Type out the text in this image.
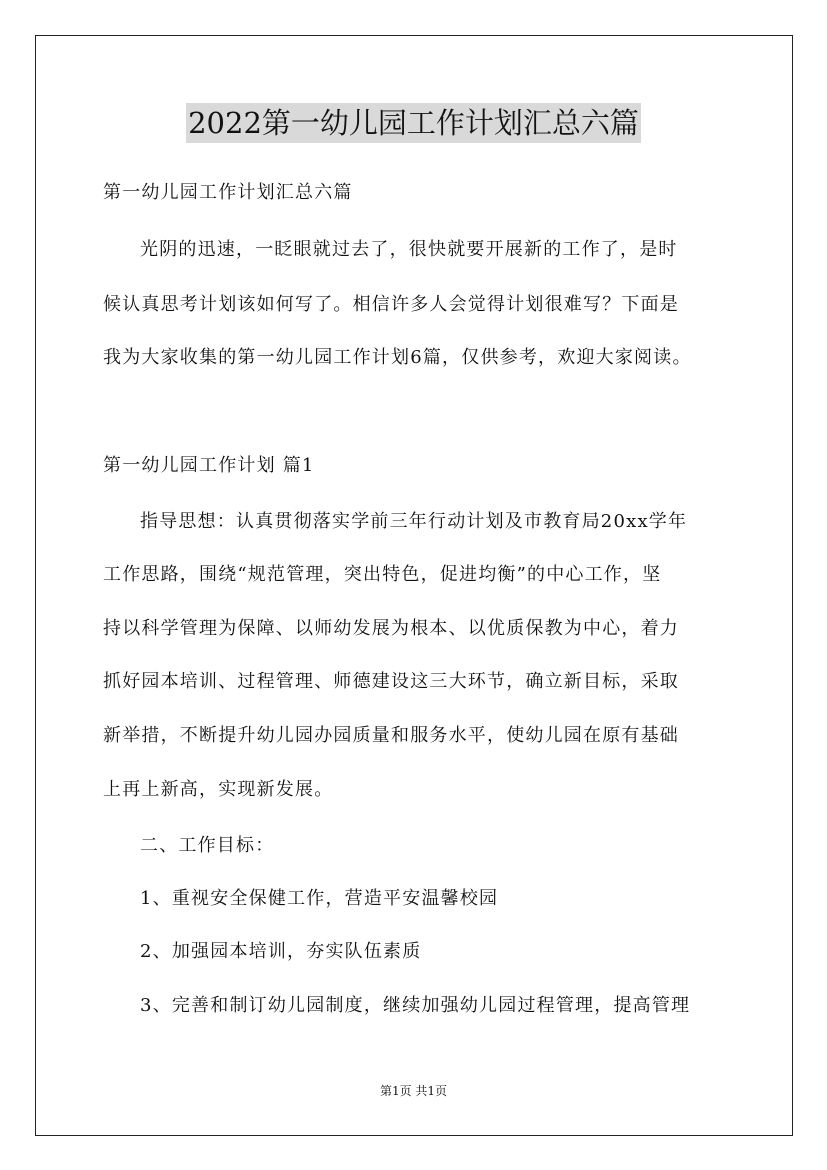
2022第一幼儿园工作计划汇总六篇
第一幼儿园工作计划汇总六篇
光阴的迅速，一眨眼就过去了，很快就要开展新的工作了，是时
候认真思考计划该如何写了。相信许多人会觉得计划很难写？下面是
我为大家收集的第一幼儿园工作计划6篇，仅供参考，欢迎大家阅读。
第一幼儿园工作计划 篇1
指导思想：认真贯彻落实学前三年行动计划及市教育局20xx学年
工作思路，围绕“规范管理，突出特色，促进均衡”的中心工作，坚
持以科学管理为保障、以师幼发展为根本、以优质保教为中心，着力
抓好园本培训、过程管理、师德建设这三大环节，确立新目标，采取
新举措，不断提升幼儿园办园质量和服务水平，使幼儿园在原有基础
上再上新高，实现新发展。
二、工作目标：
1、重视安全保健工作，营造平安温馨校园
2、加强园本培训，夯实队伍素质
3、完善和制订幼儿园制度，继续加强幼儿园过程管理，提高管理
第1页 共1页
